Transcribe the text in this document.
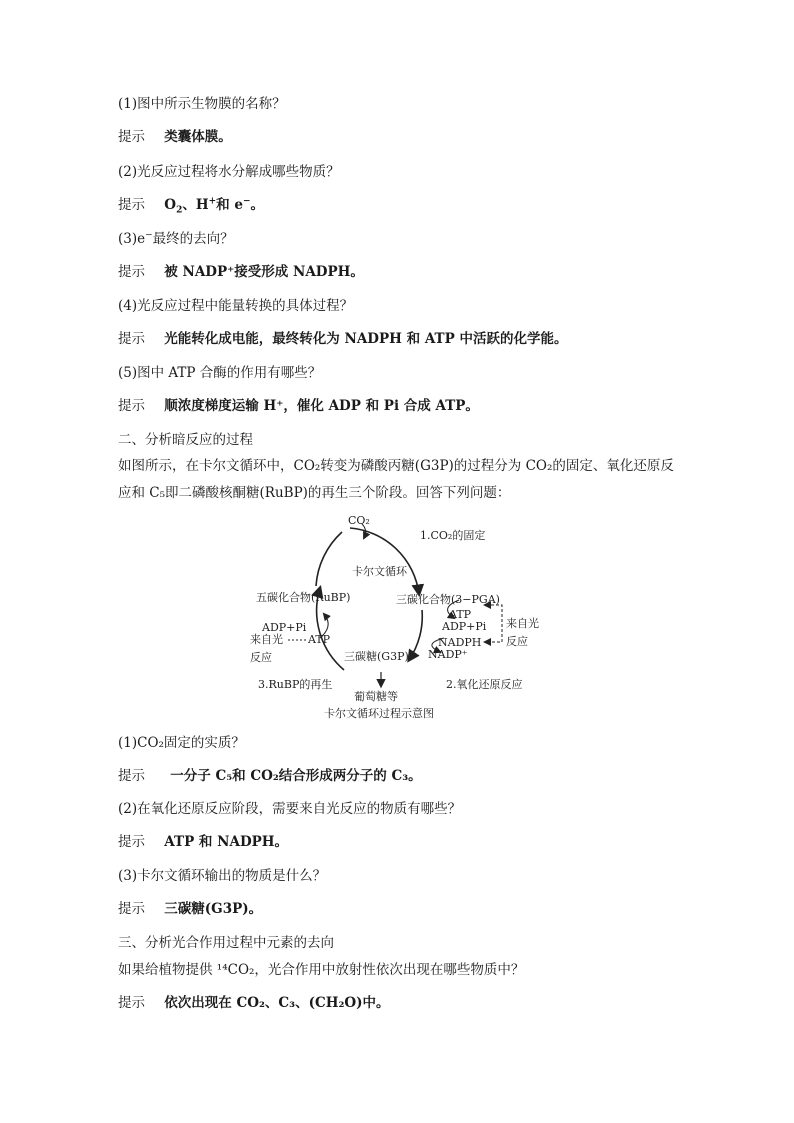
(1)图中所示生物膜的名称？
提示 类囊体膜。
(2)光反应过程将水分解成哪些物质？
提示 $O_2$、H+和 e−。
(3)e−最终的去向？
提示 被 NADP⁺接受形成 NADPH。
(4)光反应过程中能量转换的具体过程？
提示 光能转化成电能，最终转化为 NADPH 和 ATP 中活跃的化学能。
(5)图中 ATP 合酶的作用有哪些？
提示 顺浓度梯度运输 H⁺，催化 ADP 和 Pi 合成 ATP。
二、分析暗反应的过程
如图所示，在卡尔文循环中，CO₂转变为磷酸丙糖(G3P)的过程分为 CO₂的固定、氧化还原反
应和 C₅即二磷酸核酮糖(RuBP)的再生三个阶段。回答下列问题：
CO₂
1.CO₂的固定
卡尔文循环
五碳化合物(RuBP)	三碳化合物(3−PGA)
ATP
ADP+Pi 来自光
反应
NADPH
NADP⁺
ADP+Pi
来自光 ATP
反应	三碳糖(G3P)
3.RuBP的再生	2.氧化还原反应
葡萄糖等
卡尔文循环过程示意图
(1)CO₂固定的实质？
提示 一分子 C₅和 CO₂结合形成两分子的 C₃。
(2)在氧化还原反应阶段，需要来自光反应的物质有哪些？
提示 ATP 和 NADPH。
(3)卡尔文循环输出的物质是什么？
提示 三碳糖(G3P)。
三、分析光合作用过程中元素的去向
如果给植物提供 ¹⁴CO₂，光合作用中放射性依次出现在哪些物质中？
提示 依次出现在 CO₂、C₃、(CH₂O)中。
